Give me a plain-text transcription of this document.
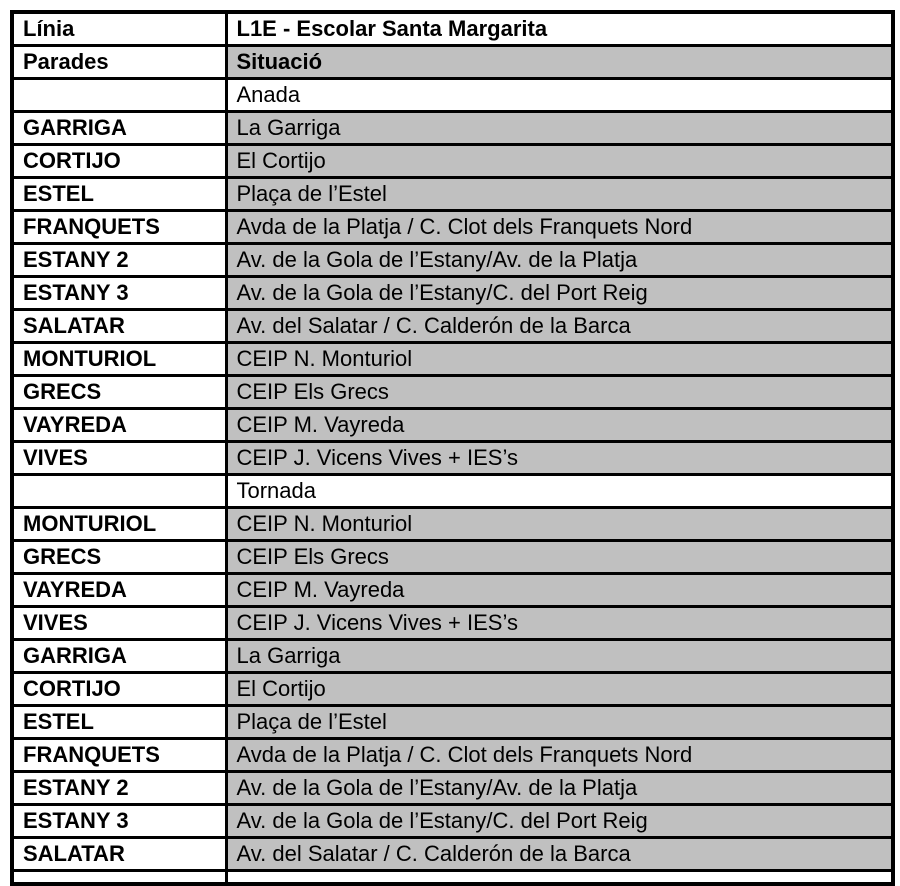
Línia	L1E - Escolar Santa Margarita
Parades	Situació
	Anada
GARRIGA	La Garriga
CORTIJO	El Cortijo
ESTEL	Plaça de l’Estel
FRANQUETS	Avda de la Platja / C. Clot dels Franquets Nord
ESTANY 2	Av. de la Gola de l’Estany/Av. de la Platja
ESTANY 3	Av. de la Gola de l’Estany/C. del Port Reig
SALATAR	Av. del Salatar / C. Calderón de la Barca
MONTURIOL	CEIP N. Monturiol
GRECS	CEIP Els Grecs
VAYREDA	CEIP M. Vayreda
VIVES	CEIP J. Vicens Vives + IES’s
	Tornada
MONTURIOL	CEIP N. Monturiol
GRECS	CEIP Els Grecs
VAYREDA	CEIP M. Vayreda
VIVES	CEIP J. Vicens Vives + IES’s
GARRIGA	La Garriga
CORTIJO	El Cortijo
ESTEL	Plaça de l’Estel
FRANQUETS	Avda de la Platja / C. Clot dels Franquets Nord
ESTANY 2	Av. de la Gola de l’Estany/Av. de la Platja
ESTANY 3	Av. de la Gola de l’Estany/C. del Port Reig
SALATAR	Av. del Salatar / C. Calderón de la Barca
